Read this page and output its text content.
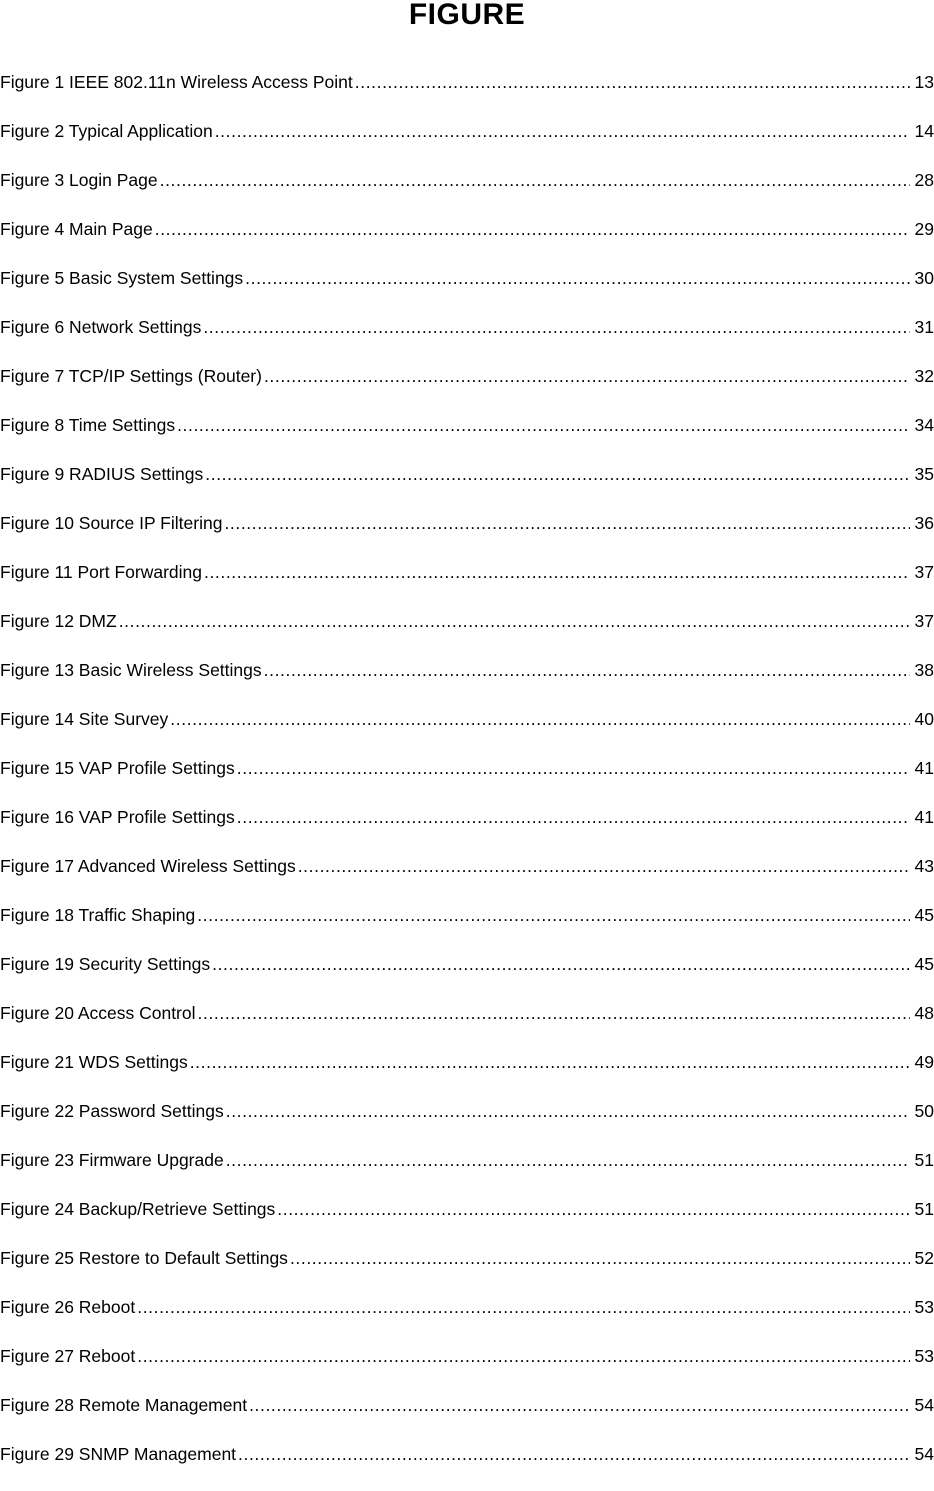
FIGURE
Figure 1 IEEE 802.11n Wireless Access Point .....	13
Figure 2 Typical Application .....	14
Figure 3 Login Page .....	28
Figure 4 Main Page .....	29
Figure 5 Basic System Settings .....	30
Figure 6 Network Settings .....	31
Figure 7 TCP/IP Settings (Router) .....	32
Figure 8 Time Settings .....	34
Figure 9 RADIUS Settings .....	35
Figure 10 Source IP Filtering .....	36
Figure 11 Port Forwarding .....	37
Figure 12 DMZ .....	37
Figure 13 Basic Wireless Settings .....	38
Figure 14 Site Survey .....	40
Figure 15 VAP Profile Settings .....	41
Figure 16 VAP Profile Settings .....	41
Figure 17 Advanced Wireless Settings .....	43
Figure 18 Traffic Shaping .....	45
Figure 19 Security Settings .....	45
Figure 20 Access Control .....	48
Figure 21 WDS Settings .....	49
Figure 22 Password Settings .....	50
Figure 23 Firmware Upgrade .....	51
Figure 24 Backup/Retrieve Settings .....	51
Figure 25 Restore to Default Settings .....	52
Figure 26 Reboot .....	53
Figure 27 Reboot .....	53
Figure 28 Remote Management .....	54
Figure 29 SNMP Management .....	54
